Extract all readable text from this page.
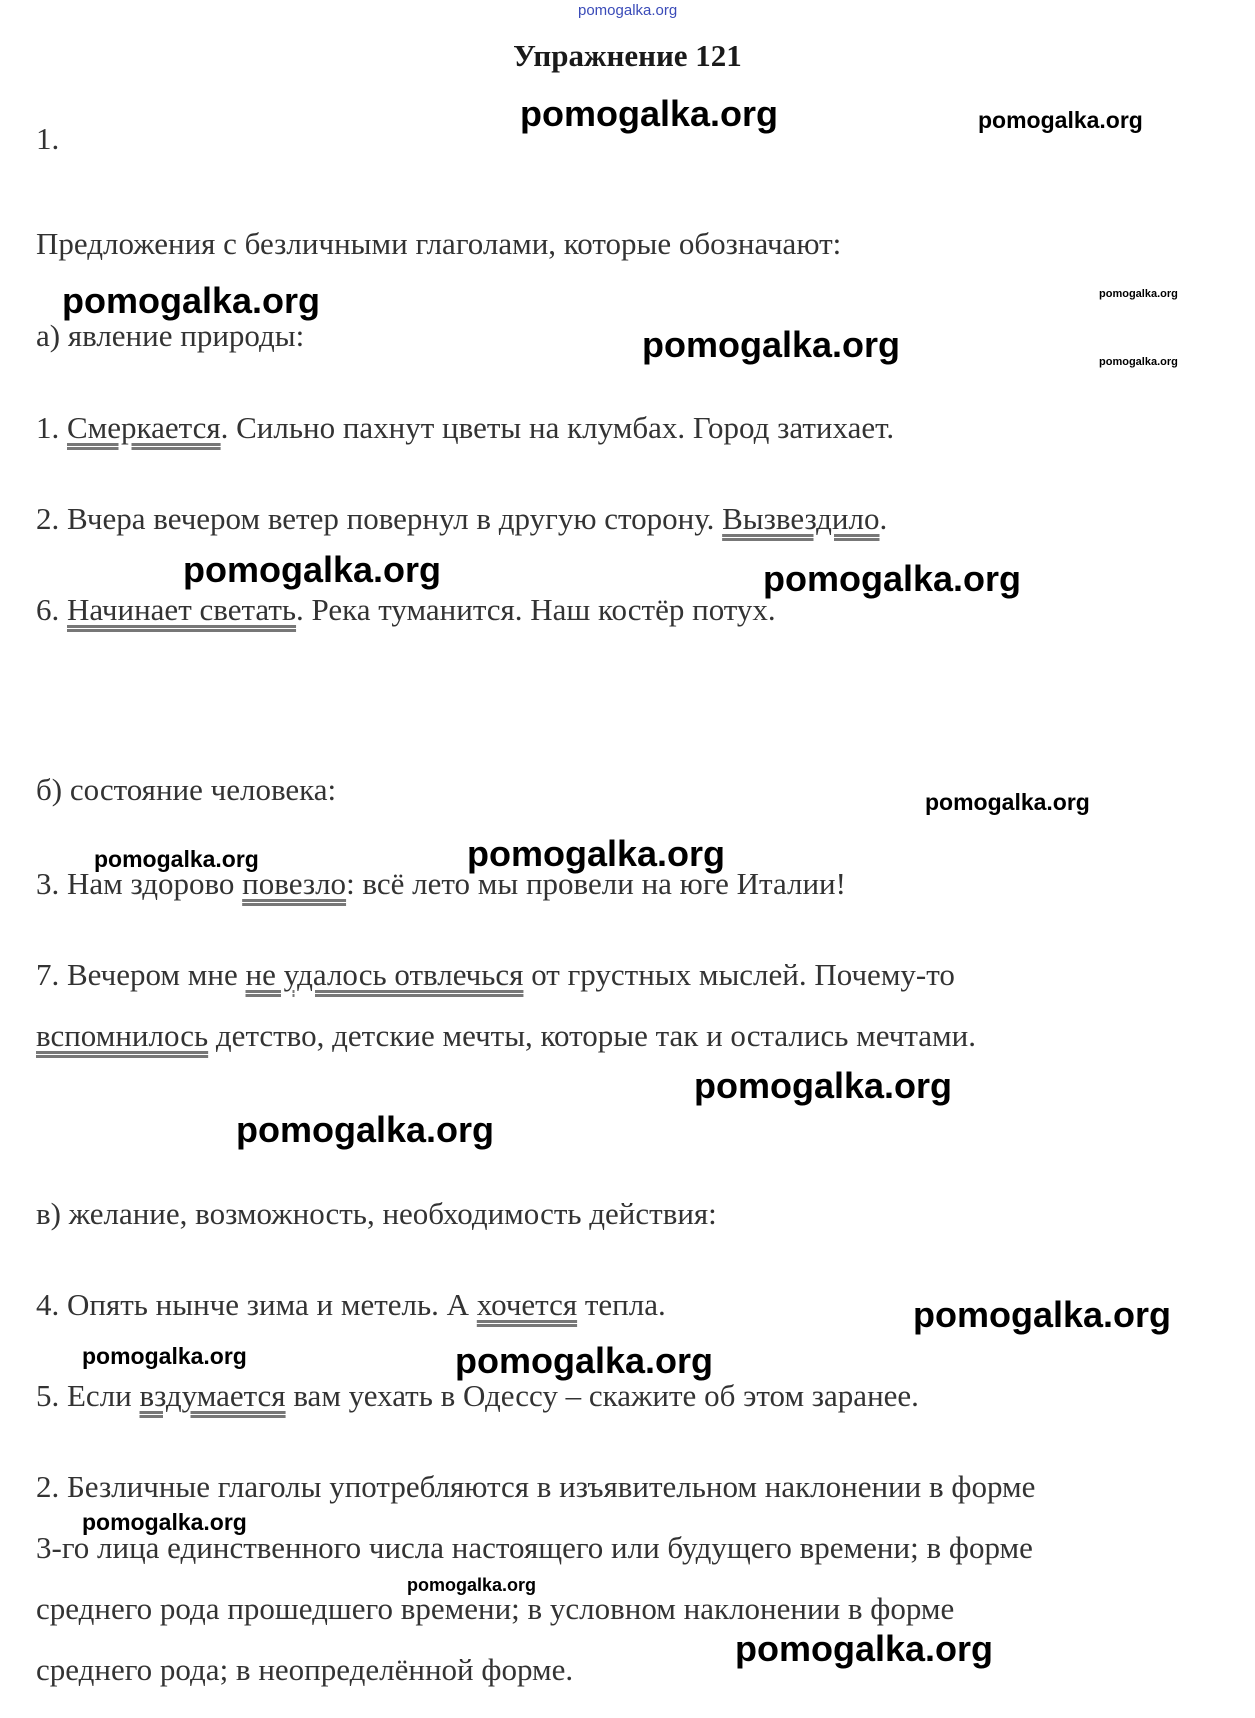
Упражнение 121
1.
Предложения с безличными глаголами, которые обозначают:
а) явление природы:
1. Смеркается. Сильно пахнут цветы на клумбах. Город затихает.
2. Вчера вечером ветер повернул в другую сторону. Вызвездило.
6. Начинает светать. Река туманится. Наш костёр потух.
б) состояние человека:
3. Нам здорово повезло: всё лето мы провели на юге Италии!
7. Вечером мне не удалось отвлечься от грустных мыслей. Почему-то
вспомнилось детство, детские мечты, которые так и остались мечтами.
в) желание, возможность, необходимость действия:
4. Опять нынче зима и метель. А хочется тепла.
5. Если вздумается вам уехать в Одессу – скажите об этом заранее.
2. Безличные глаголы употребляются в изъявительном наклонении в форме
3-го лица единственного числа настоящего или будущего времени; в форме
среднего рода прошедшего времени; в условном наклонении в форме
среднего рода; в неопределённой форме.
pomogalka.org
pomogalka.org	pomogalka.org
pomogalka.org	pomogalka.org
pomogalka.org	pomogalka.org
pomogalka.org	pomogalka.org
pomogalka.org
pomogalka.org	pomogalka.org
pomogalka.org
pomogalka.org
pomogalka.org
pomogalka.org	pomogalka.org
pomogalka.org
pomogalka.org
pomogalka.org
